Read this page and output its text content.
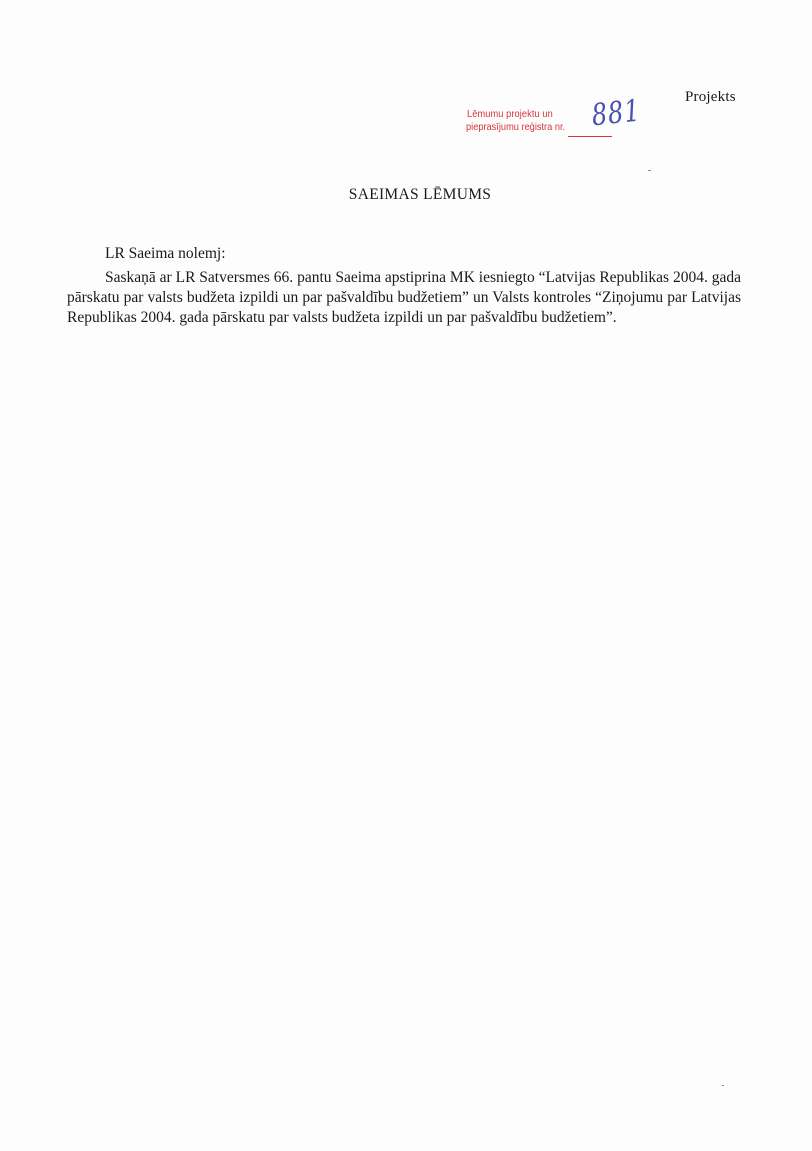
Projekts
Lēmumu projektu un
pieprasījumu reģistra nr. 881
SAEIMAS LĒMUMS
LR Saeima nolemj:
Saskaņā ar LR Satversmes 66. pantu Saeima apstiprina MK iesniegto “Latvijas Republikas 2004. gada pārskatu par valsts budžeta izpildi un par pašvaldību budžetiem” un Valsts kontroles “Ziņojumu par Latvijas Republikas 2004. gada pārskatu par valsts budžeta izpildi un par pašvaldību budžetiem”.
